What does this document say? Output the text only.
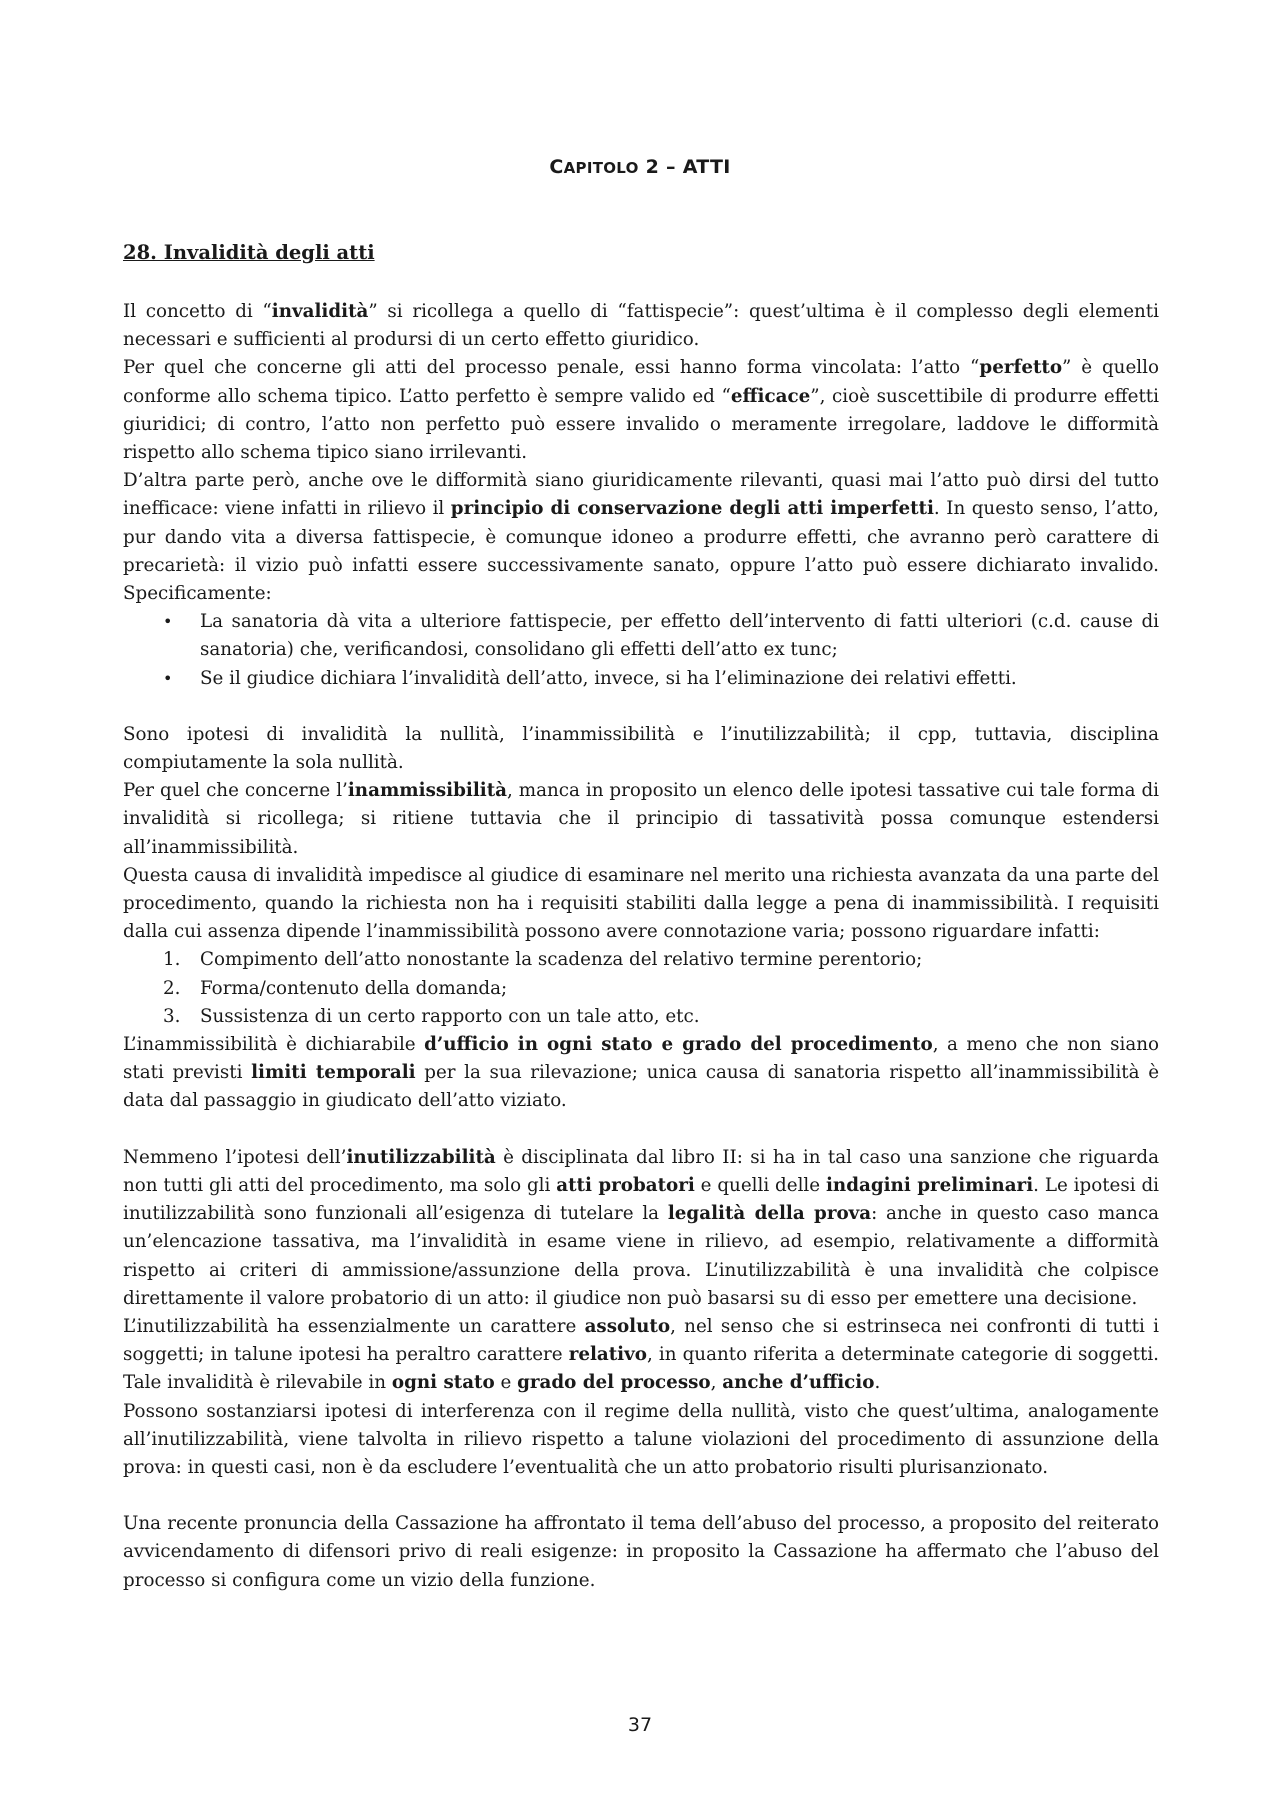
CAPITOLO 2 – ATTI
28. Invalidità degli atti

Il concetto di “invalidità” si ricollega a quello di “fattispecie”: quest’ultima è il complesso degli elementi necessari e sufficienti al prodursi di un certo effetto giuridico.

Per quel che concerne gli atti del processo penale, essi hanno forma vincolata: l’atto “perfetto” è quello conforme allo schema tipico. L’atto perfetto è sempre valido ed “efficace”, cioè suscettibile di produrre effetti giuridici; di contro, l’atto non perfetto può essere invalido o meramente irregolare, laddove le difformità rispetto allo schema tipico siano irrilevanti.

D’altra parte però, anche ove le difformità siano giuridicamente rilevanti, quasi mai l’atto può dirsi del tutto inefficace: viene infatti in rilievo il principio di conservazione degli atti imperfetti. In questo senso, l’atto, pur dando vita a diversa fattispecie, è comunque idoneo a produrre effetti, che avranno però carattere di precarietà: il vizio può infatti essere successivamente sanato, oppure l’atto può essere dichiarato invalido. Specificamente:

• La sanatoria dà vita a ulteriore fattispecie, per effetto dell’intervento di fatti ulteriori (c.d. cause di sanatoria) che, verificandosi, consolidano gli effetti dell’atto ex tunc;
• Se il giudice dichiara l’invalidità dell’atto, invece, si ha l’eliminazione dei relativi effetti.

Sono ipotesi di invalidità la nullità, l’inammissibilità e l’inutilizzabilità; il cpp, tuttavia, disciplina compiutamente la sola nullità.

Per quel che concerne l’inammissibilità, manca in proposito un elenco delle ipotesi tassative cui tale forma di invalidità si ricollega; si ritiene tuttavia che il principio di tassatività possa comunque estendersi all’inammissibilità.

Questa causa di invalidità impedisce al giudice di esaminare nel merito una richiesta avanzata da una parte del procedimento, quando la richiesta non ha i requisiti stabiliti dalla legge a pena di inammissibilità. I requisiti dalla cui assenza dipende l’inammissibilità possono avere connotazione varia; possono riguardare infatti:

1. Compimento dell’atto nonostante la scadenza del relativo termine perentorio;
2. Forma/contenuto della domanda;
3. Sussistenza di un certo rapporto con un tale atto, etc.

L’inammissibilità è dichiarabile d’ufficio in ogni stato e grado del procedimento, a meno che non siano stati previsti limiti temporali per la sua rilevazione; unica causa di sanatoria rispetto all’inammissibilità è data dal passaggio in giudicato dell’atto viziato.

Nemmeno l’ipotesi dell’inutilizzabilità è disciplinata dal libro II: si ha in tal caso una sanzione che riguarda non tutti gli atti del procedimento, ma solo gli atti probatori e quelli delle indagini preliminari. Le ipotesi di inutilizzabilità sono funzionali all’esigenza di tutelare la legalità della prova: anche in questo caso manca un’elencazione tassativa, ma l’invalidità in esame viene in rilievo, ad esempio, relativamente a difformità rispetto ai criteri di ammissione/assunzione della prova. L’inutilizzabilità è una invalidità che colpisce direttamente il valore probatorio di un atto: il giudice non può basarsi su di esso per emettere una decisione.

L’inutilizzabilità ha essenzialmente un carattere assoluto, nel senso che si estrinseca nei confronti di tutti i soggetti; in talune ipotesi ha peraltro carattere relativo, in quanto riferita a determinate categorie di soggetti. Tale invalidità è rilevabile in ogni stato e grado del processo, anche d’ufficio.

Possono sostanziarsi ipotesi di interferenza con il regime della nullità, visto che quest’ultima, analogamente all’inutilizzabilità, viene talvolta in rilievo rispetto a talune violazioni del procedimento di assunzione della prova: in questi casi, non è da escludere l’eventualità che un atto probatorio risulti plurisanzionato.

Una recente pronuncia della Cassazione ha affrontato il tema dell’abuso del processo, a proposito del reiterato avvicendamento di difensori privo di reali esigenze: in proposito la Cassazione ha affermato che l’abuso del processo si configura come un vizio della funzione.

37
